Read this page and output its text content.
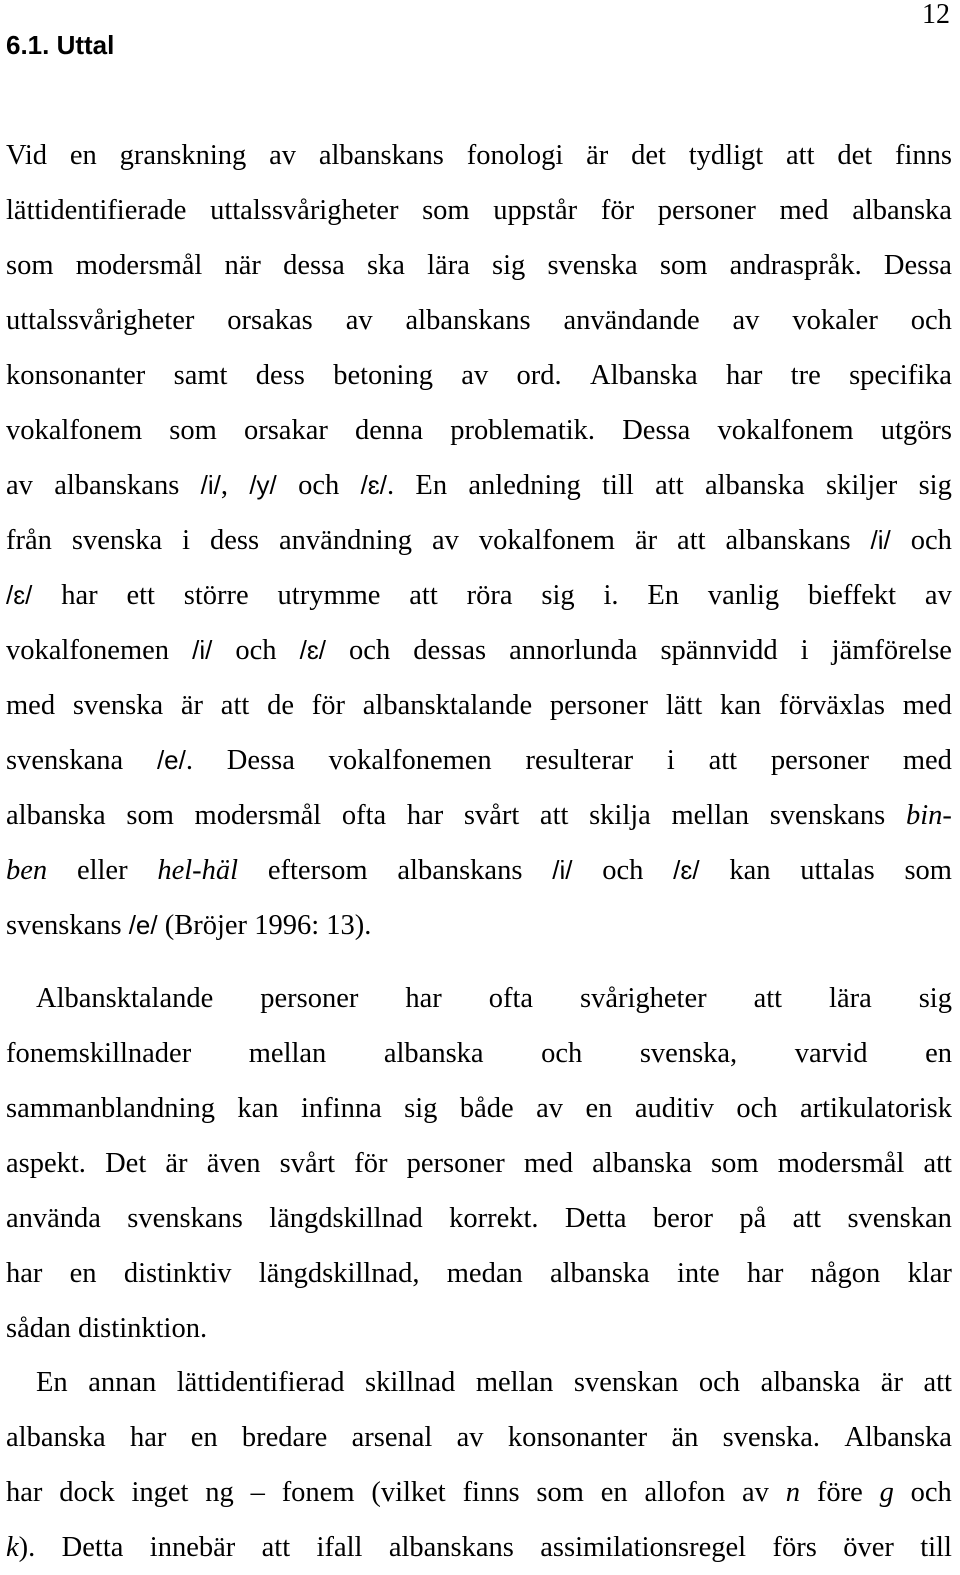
12
6.1. Uttal
Vid en granskning av albanskans fonologi är det tydligt att det finns
lättidentifierade uttalssvårigheter som uppstår för personer med albanska
som modersmål när dessa ska lära sig svenska som andraspråk. Dessa
uttalssvårigheter orsakas av albanskans användande av vokaler och
konsonanter samt dess betoning av ord. Albanska har tre specifika
vokalfonem som orsakar denna problematik. Dessa vokalfonem utgörs
av albanskans /i/, /y/ och /ɛ/. En anledning till att albanska skiljer sig
från svenska i dess användning av vokalfonem är att albanskans /i/ och
/ɛ/ har ett större utrymme att röra sig i. En vanlig bieffekt av
vokalfonemen /i/ och /ɛ/ och dessas annorlunda spännvidd i jämförelse
med svenska är att de för albansktalande personer lätt kan förväxlas med
svenskana /e/. Dessa vokalfonemen resulterar i att personer med
albanska som modersmål ofta har svårt att skilja mellan svenskans bin-
ben eller hel-häl eftersom albanskans /i/ och /ɛ/ kan uttalas som
svenskans /e/ (Bröjer 1996: 13).
Albansktalande personer har ofta svårigheter att lära sig
fonemskillnader mellan albanska och svenska, varvid en
sammanblandning kan infinna sig både av en auditiv och artikulatorisk
aspekt. Det är även svårt för personer med albanska som modersmål att
använda svenskans längdskillnad korrekt. Detta beror på att svenskan
har en distinktiv längdskillnad, medan albanska inte har någon klar
sådan distinktion.
En annan lättidentifierad skillnad mellan svenskan och albanska är att
albanska har en bredare arsenal av konsonanter än svenska. Albanska
har dock inget ng – fonem (vilket finns som en allofon av n före g och
k). Detta innebär att ifall albanskans assimilationsregel förs över till
